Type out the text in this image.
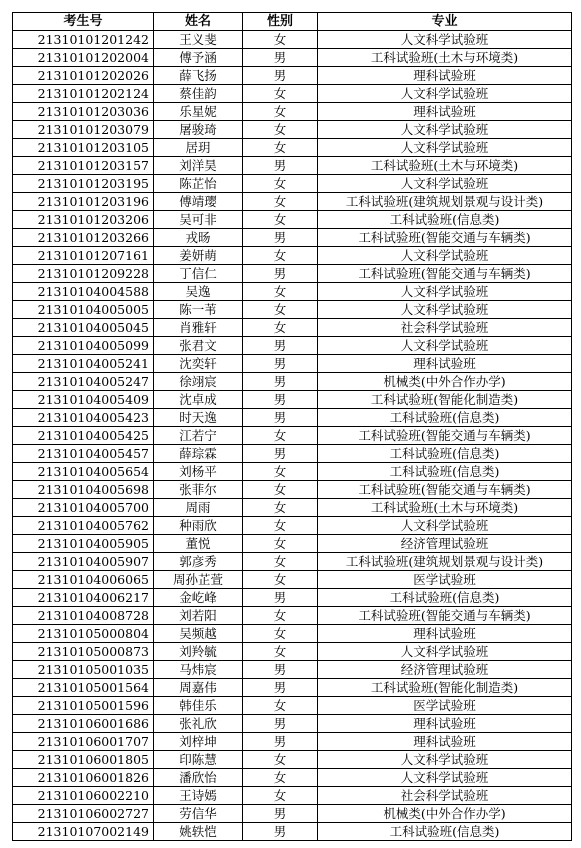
考生号	姓名	性别	专业
21310101201242	王义斐	女	人文科学试验班
21310101202004	傅予涵	男	工科试验班(土木与环境类)
21310101202026	薛飞扬	男	理科试验班
21310101202124	蔡佳韵	女	人文科学试验班
21310101203036	乐星妮	女	理科试验班
21310101203079	屠骏琦	女	人文科学试验班
21310101203105	居玥	女	人文科学试验班
21310101203157	刘洋昊	男	工科试验班(土木与环境类)
21310101203195	陈芷怡	女	人文科学试验班
21310101203196	傅靖璎	女	工科试验班(建筑规划景观与设计类)
21310101203206	吴可非	女	工科试验班(信息类)
21310101203266	戎旸	男	工科试验班(智能交通与车辆类)
21310101207161	姜妍萌	女	人文科学试验班
21310101209228	丁信仁	男	工科试验班(智能交通与车辆类)
21310104004588	吴逸	女	人文科学试验班
21310104005005	陈一苇	女	人文科学试验班
21310104005045	肖雅轩	女	社会科学试验班
21310104005099	张君文	男	人文科学试验班
21310104005241	沈奕轩	男	理科试验班
21310104005247	徐翊宸	男	机械类(中外合作办学)
21310104005409	沈卓成	男	工科试验班(智能化制造类)
21310104005423	时天逸	男	工科试验班(信息类)
21310104005425	江若宁	女	工科试验班(智能交通与车辆类)
21310104005457	薛琮霖	男	工科试验班(信息类)
21310104005654	刘杨平	女	工科试验班(信息类)
21310104005698	张菲尔	女	工科试验班(智能交通与车辆类)
21310104005700	周雨	女	工科试验班(土木与环境类)
21310104005762	种雨欣	女	人文科学试验班
21310104005905	董悦	女	经济管理试验班
21310104005907	郭彦秀	女	工科试验班(建筑规划景观与设计类)
21310104006065	周孙芷萱	女	医学试验班
21310104006217	金屹峰	男	工科试验班(信息类)
21310104008728	刘若阳	女	工科试验班(智能交通与车辆类)
21310105000804	吴频越	女	理科试验班
21310105000873	刘羚毓	女	人文科学试验班
21310105001035	马炜宸	男	经济管理试验班
21310105001564	周嘉伟	男	工科试验班(智能化制造类)
21310105001596	韩佳乐	女	医学试验班
21310106001686	张礼欣	男	理科试验班
21310106001707	刘梓坤	男	理科试验班
21310106001805	印陈慧	女	人文科学试验班
21310106001826	潘欣怡	女	人文科学试验班
21310106002210	王诗嫣	女	社会科学试验班
21310106002727	劳信华	男	机械类(中外合作办学)
21310107002149	姚轶恺	男	工科试验班(信息类)
